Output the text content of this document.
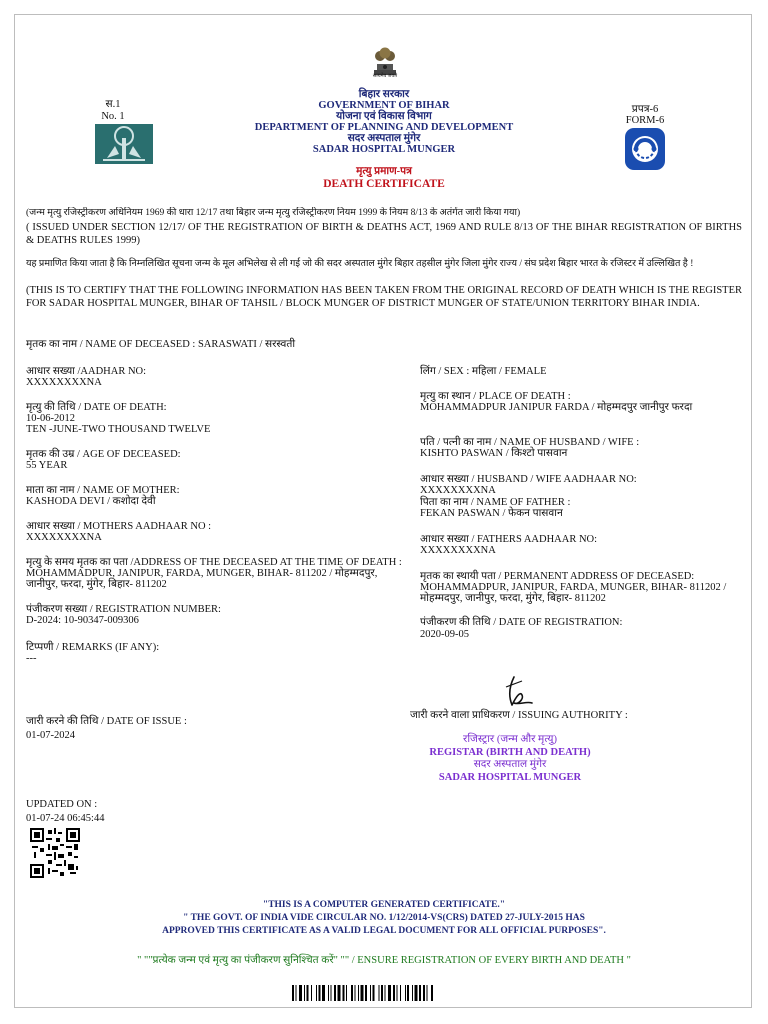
सत्यमेव जयते
स.1
No. 1
बिहार सरकार
GOVERNMENT OF BIHAR
योजना एवं विकास विभाग
DEPARTMENT OF PLANNING AND DEVELOPMENT
सदर अस्पताल मुंगेर
SADAR HOSPITAL MUNGER
मृत्यु प्रमाण-पत्र
DEATH CERTIFICATE
प्रपत्र-6
FORM-6
(जन्म मृत्यु रजिस्ट्रीकरण अधिनियम 1969 की धारा 12/17 तथा बिहार जन्म मृत्यु रजिस्ट्रीकरण नियम 1999 के नियम 8/13 के अतंर्गत जारी किया गया)
( ISSUED UNDER SECTION 12/17/ OF THE REGISTRATION OF BIRTH & DEATHS ACT, 1969 AND RULE 8/13 OF THE BIHAR REGISTRATION OF BIRTHS & DEATHS RULES 1999)
यह प्रमाणित किया जाता है कि निम्नलिखित सूचना जन्म के मूल अभिलेख से ली गई जो की सदर अस्पताल मुंगेर बिहार तहसील मुंगेर जिला मुंगेर राज्य / संघ प्रदेश बिहार भारत के रजिस्टर में उल्लिखित है !
(THIS IS TO CERTIFY THAT THE FOLLOWING INFORMATION HAS BEEN TAKEN FROM THE ORIGINAL RECORD OF DEATH WHICH IS THE REGISTER FOR SADAR HOSPITAL MUNGER, BIHAR OF TAHSIL / BLOCK MUNGER OF DISTRICT MUNGER OF STATE/UNION TERRITORY BIHAR INDIA.
मृतक का नाम / NAME OF DECEASED : SARASWATI / सरस्वती
आधार सख्या /AADHAR NO:
XXXXXXXXNA
मृत्यु की तिथि / DATE OF DEATH:
10-06-2012
TEN -JUNE-TWO THOUSAND TWELVE
मृतक की उम्र / AGE OF DECEASED:
55 YEAR
माता का नाम / NAME OF MOTHER:
KASHODA DEVI / कशोदा देवी
आधार सख्या / MOTHERS AADHAAR NO :
XXXXXXXXNA
मृत्यु के समय मृतक का पता /ADDRESS OF THE DECEASED AT THE TIME OF DEATH :
MOHAMMADPUR, JANIPUR, FARDA, MUNGER, BIHAR- 811202 / मोहम्मदपुर,
जानीपुर, फरदा, मुंगेर, बिहार- 811202
पंजीकरण सख्या / REGISTRATION NUMBER:
D-2024: 10-90347-009306
टिप्पणी / REMARKS (IF ANY):
---
जारी करने की तिथि / DATE OF ISSUE :
01-07-2024
UPDATED ON :
01-07-24 06:45:44
लिंग / SEX : महिला / FEMALE
मृत्यु का स्थान / PLACE OF DEATH :
MOHAMMADPUR JANIPUR FARDA / मोहम्मदपुर जानीपुर फरदा
पति / पत्नी का नाम / NAME OF HUSBAND / WIFE :
KISHTO PASWAN / किश्टो पासवान
आधार सख्या / HUSBAND / WIFE AADHAAR NO:
XXXXXXXXNA
पिता का नाम / NAME OF FATHER :
FEKAN PASWAN / फेकन पासवान
आधार सख्या / FATHERS AADHAAR NO:
XXXXXXXXNA
मृतक का स्थायी पता / PERMANENT ADDRESS OF DECEASED:
MOHAMMADPUR, JANIPUR, FARDA, MUNGER, BIHAR- 811202 /
मोहम्मदपुर, जानीपुर, फरदा, मुंगेर, बिहार- 811202
पंजीकरण की तिथि / DATE OF REGISTRATION:
2020-09-05
जारी करने वाला प्राधिकरण / ISSUING AUTHORITY :
रजिस्ट्रार (जन्म और मृत्यु)
REGISTAR (BIRTH AND DEATH)
सदर अस्पताल मुंगेर
SADAR HOSPITAL MUNGER
"THIS IS A COMPUTER GENERATED CERTIFICATE."
" THE GOVT. OF INDIA VIDE CIRCULAR NO. 1/12/2014-VS(CRS) DATED 27-JULY-2015 HAS
APPROVED THIS CERTIFICATE AS A VALID LEGAL DOCUMENT FOR ALL OFFICIAL PURPOSES".
" ""प्रत्येक जन्म एवं मृत्यु का पंजीकरण सुनिश्चित करें" "" / ENSURE REGISTRATION OF EVERY BIRTH AND DEATH "
